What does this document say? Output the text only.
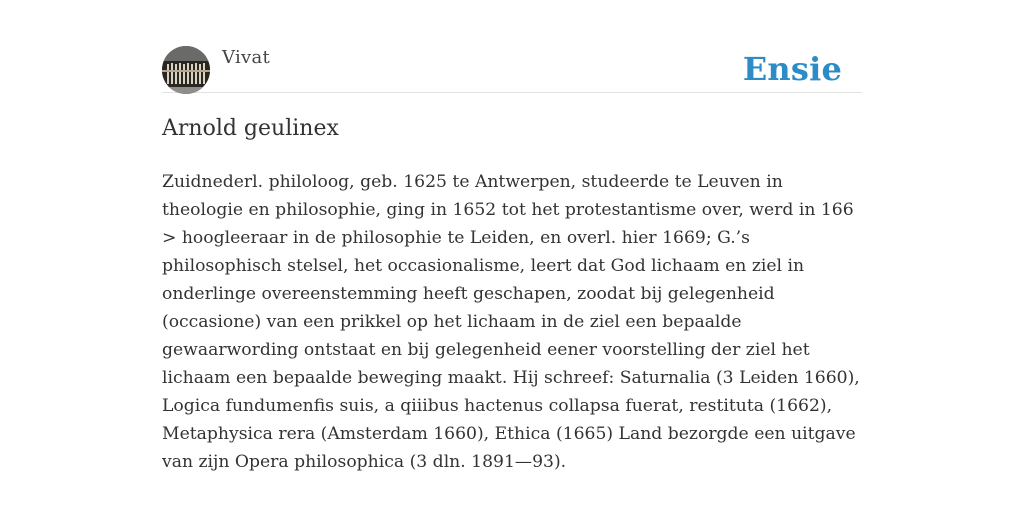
Vivat	Ensie
Arnold geulinex

Zuidnederl. philoloog, geb. 1625 te Antwerpen, studeerde te Leuven in theologie en philosophie, ging in 1652 tot het protestantisme over, werd in 166 > hoogleeraar in de philosophie te Leiden, en overl. hier 1669; G.’s philosophisch stelsel, het occasionalisme, leert dat God lichaam en ziel in onderlinge overeenstemming heeft geschapen, zoodat bij gelegenheid (occasione) van een prikkel op het lichaam in de ziel een bepaalde gewaarwording ontstaat en bij gelegenheid eener voorstelling der ziel het lichaam een bepaalde beweging maakt. Hij schreef: Saturnalia (3 Leiden 1660), Logica fundumenfis suis, a qiiibus hactenus collapsa fuerat, restituta (1662), Metaphysica rera (Amsterdam 1660), Ethica (1665) Land bezorgde een uitgave van zijn Opera philosophica (3 dln. 1891—93).
